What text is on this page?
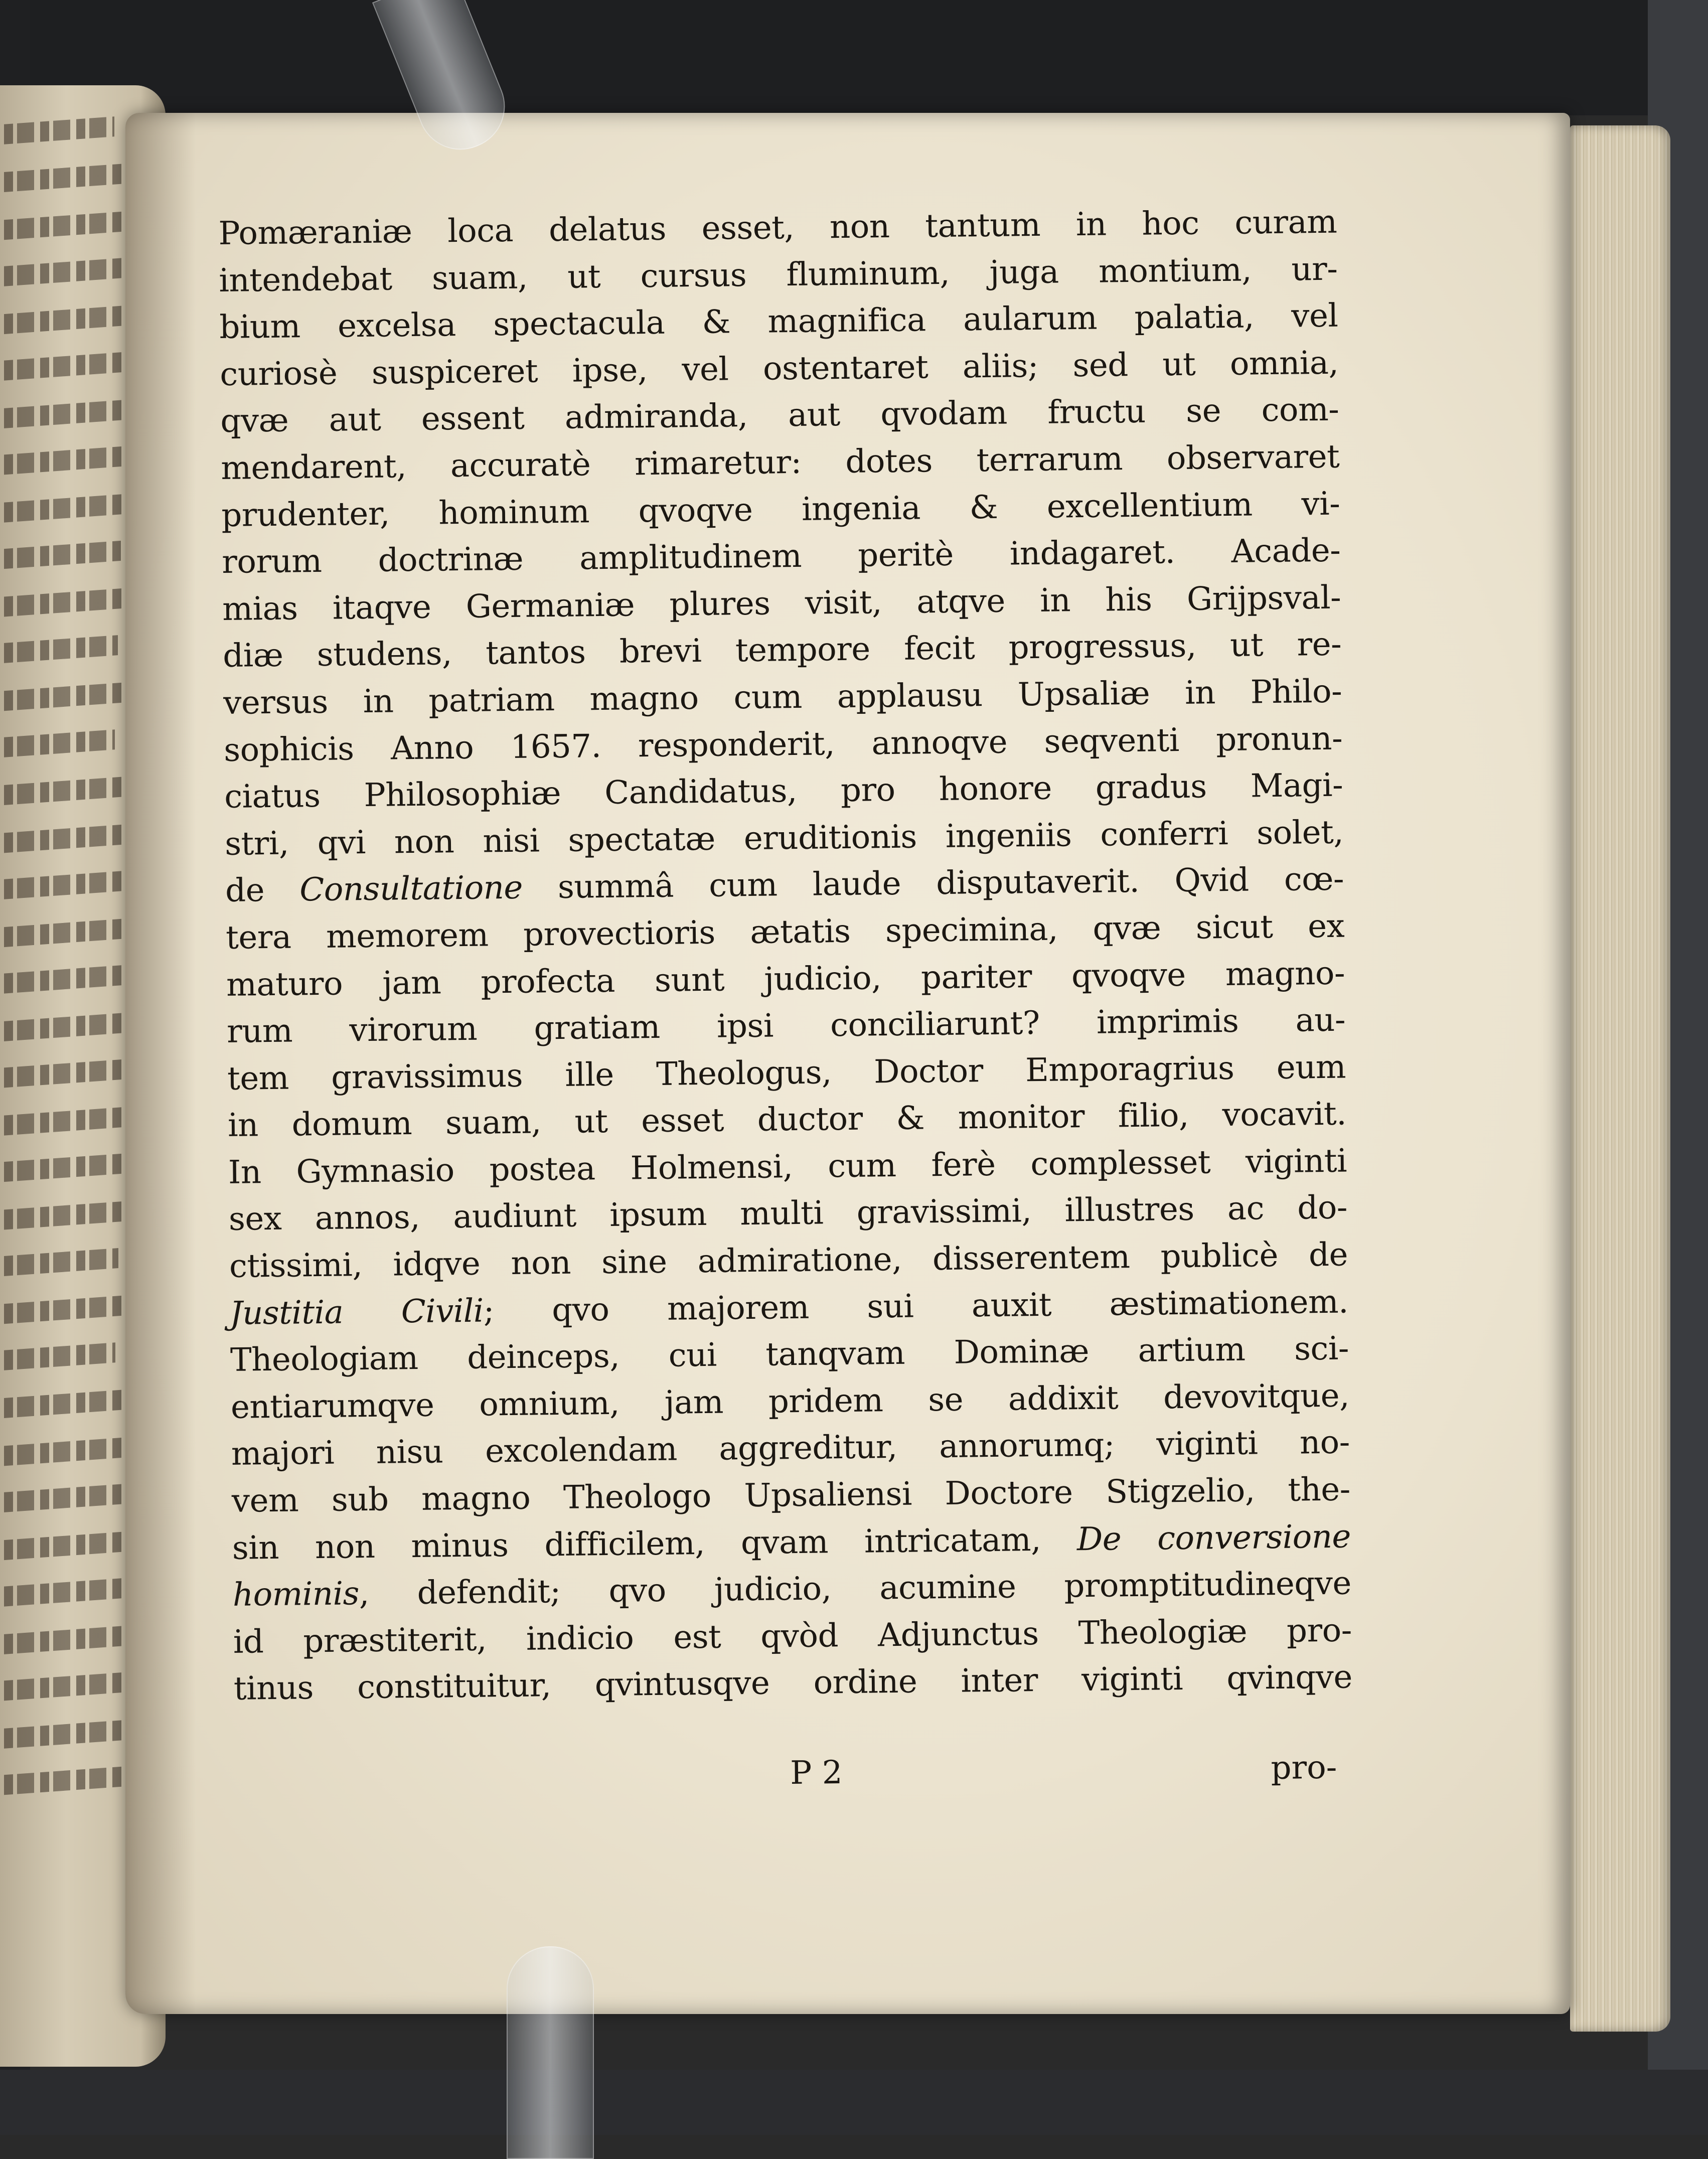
Pomæraniæ loca delatus esset, non tantum in hoc curam
intendebat suam, ut cursus fluminum, juga montium, ur-
bium excelsa spectacula & magnifica aularum palatia, vel
curiosè suspiceret ipse, vel ostentaret aliis; sed ut omnia,
qvæ aut essent admiranda, aut qvodam fructu se com-
mendarent, accuratè rimaretur: dotes terrarum observaret
prudenter, hominum qvoqve ingenia & excellentium vi-
rorum doctrinæ amplitudinem peritè indagaret. Acade-
mias itaqve Germaniæ plures visit, atqve in his Grijpsval-
diæ studens, tantos brevi tempore fecit progressus, ut re-
versus in patriam magno cum applausu Upsaliæ in Philo-
sophicis Anno 1657. responderit, annoqve seqventi pronun-
ciatus Philosophiæ Candidatus, pro honore gradus Magi-
stri, qvi non nisi spectatæ eruditionis ingeniis conferri solet,
de Consultatione summâ cum laude disputaverit. Qvid cœ-
tera memorem provectioris ætatis specimina, qvæ sicut ex
maturo jam profecta sunt judicio, pariter qvoqve magno-
rum virorum gratiam ipsi conciliarunt? imprimis au-
tem gravissimus ille Theologus, Doctor Emporagrius eum
in domum suam, ut esset ductor & monitor filio, vocavit.
In Gymnasio postea Holmensi, cum ferè complesset viginti
sex annos, audiunt ipsum multi gravissimi, illustres ac do-
ctissimi, idqve non sine admiratione, disserentem publicè de
Justitia Civili; qvo majorem sui auxit æstimationem.
Theologiam deinceps, cui tanqvam Dominæ artium sci-
entiarumqve omnium, jam pridem se addixit devovitque,
majori nisu excolendam aggreditur, annorumq; viginti no-
vem sub magno Theologo Upsaliensi Doctore Stigzelio, the-
sin non minus difficilem, qvam intricatam, De conversione
hominis, defendit; qvo judicio, acumine promptitudineqve
id præstiterit, indicio est qvòd Adjunctus Theologiæ pro-
tinus constituitur, qvintusqve ordine inter viginti qvinqve
P 2	pro-
